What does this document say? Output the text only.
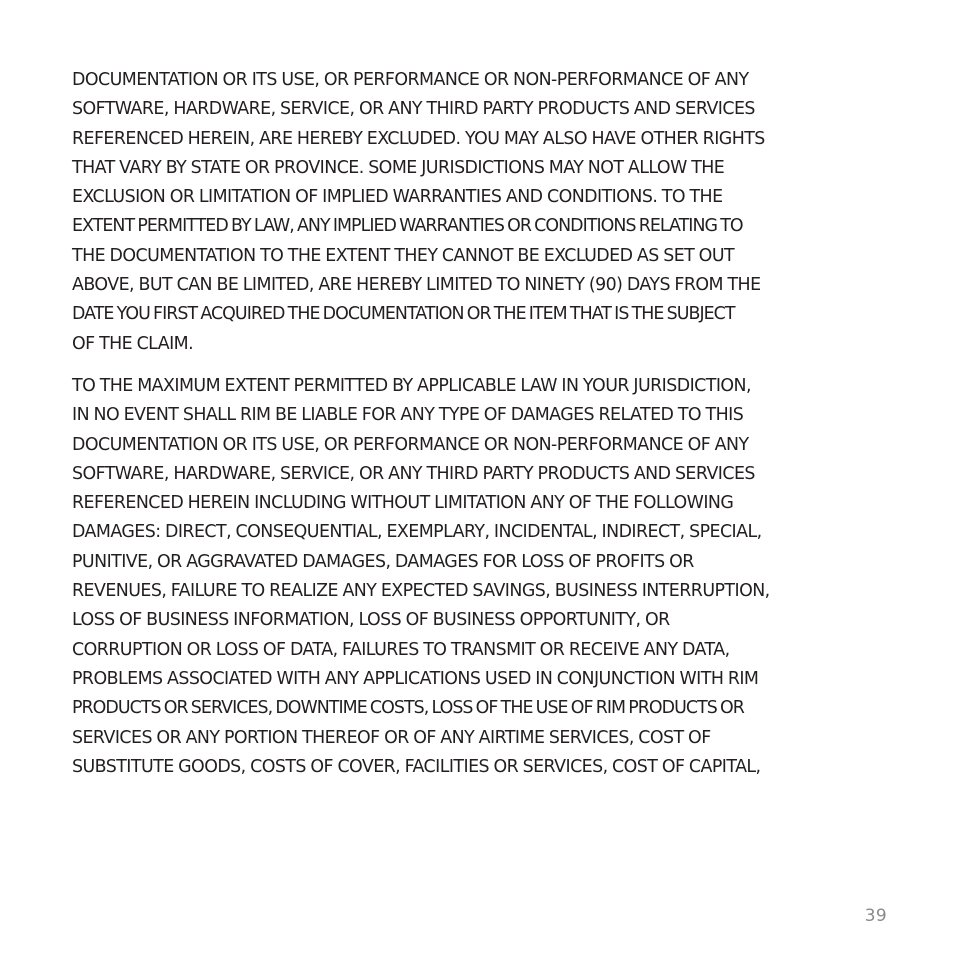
DOCUMENTATION OR ITS USE, OR PERFORMANCE OR NON-PERFORMANCE OF ANY
SOFTWARE, HARDWARE, SERVICE, OR ANY THIRD PARTY PRODUCTS AND SERVICES
REFERENCED HEREIN, ARE HEREBY EXCLUDED. YOU MAY ALSO HAVE OTHER RIGHTS
THAT VARY BY STATE OR PROVINCE. SOME JURISDICTIONS MAY NOT ALLOW THE
EXCLUSION OR LIMITATION OF IMPLIED WARRANTIES AND CONDITIONS. TO THE
EXTENT PERMITTED BY LAW, ANY IMPLIED WARRANTIES OR CONDITIONS RELATING TO
THE DOCUMENTATION TO THE EXTENT THEY CANNOT BE EXCLUDED AS SET OUT
ABOVE, BUT CAN BE LIMITED, ARE HEREBY LIMITED TO NINETY (90) DAYS FROM THE
DATE YOU FIRST ACQUIRED THE DOCUMENTATION OR THE ITEM THAT IS THE SUBJECT
OF THE CLAIM.

TO THE MAXIMUM EXTENT PERMITTED BY APPLICABLE LAW IN YOUR JURISDICTION,
IN NO EVENT SHALL RIM BE LIABLE FOR ANY TYPE OF DAMAGES RELATED TO THIS
DOCUMENTATION OR ITS USE, OR PERFORMANCE OR NON-PERFORMANCE OF ANY
SOFTWARE, HARDWARE, SERVICE, OR ANY THIRD PARTY PRODUCTS AND SERVICES
REFERENCED HEREIN INCLUDING WITHOUT LIMITATION ANY OF THE FOLLOWING
DAMAGES: DIRECT, CONSEQUENTIAL, EXEMPLARY, INCIDENTAL, INDIRECT, SPECIAL,
PUNITIVE, OR AGGRAVATED DAMAGES, DAMAGES FOR LOSS OF PROFITS OR
REVENUES, FAILURE TO REALIZE ANY EXPECTED SAVINGS, BUSINESS INTERRUPTION,
LOSS OF BUSINESS INFORMATION, LOSS OF BUSINESS OPPORTUNITY, OR
CORRUPTION OR LOSS OF DATA, FAILURES TO TRANSMIT OR RECEIVE ANY DATA,
PROBLEMS ASSOCIATED WITH ANY APPLICATIONS USED IN CONJUNCTION WITH RIM
PRODUCTS OR SERVICES, DOWNTIME COSTS, LOSS OF THE USE OF RIM PRODUCTS OR
SERVICES OR ANY PORTION THEREOF OR OF ANY AIRTIME SERVICES, COST OF
SUBSTITUTE GOODS, COSTS OF COVER, FACILITIES OR SERVICES, COST OF CAPITAL,

39
